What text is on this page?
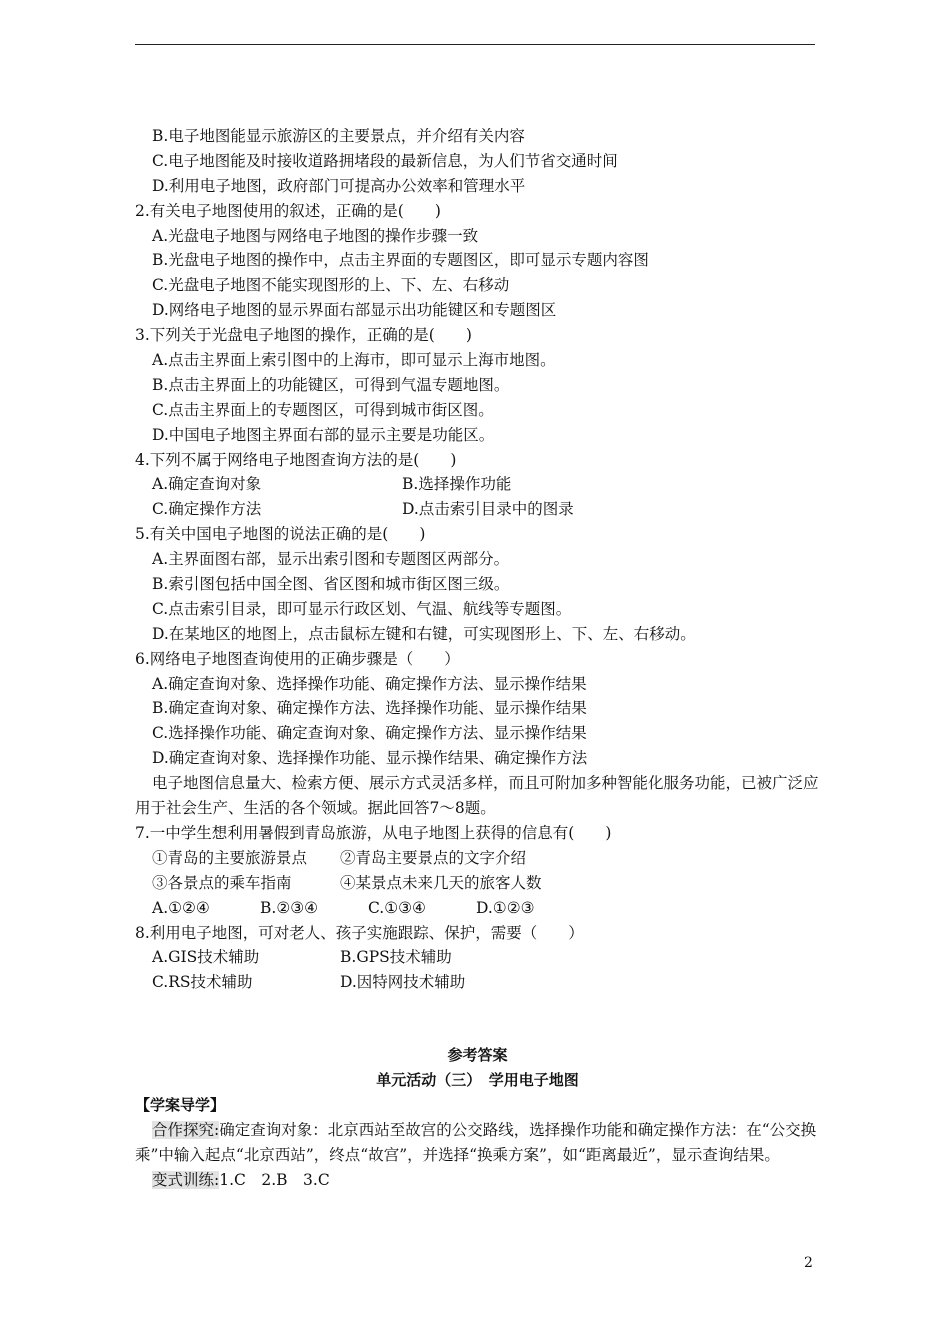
B.电子地图能显示旅游区的主要景点，并介绍有关内容
C.电子地图能及时接收道路拥堵段的最新信息，为人们节省交通时间
D.利用电子地图，政府部门可提高办公效率和管理水平
2.有关电子地图使用的叙述，正确的是(　　)
A.光盘电子地图与网络电子地图的操作步骤一致
B.光盘电子地图的操作中，点击主界面的专题图区，即可显示专题内容图
C.光盘电子地图不能实现图形的上、下、左、右移动
D.网络电子地图的显示界面右部显示出功能键区和专题图区
3.下列关于光盘电子地图的操作，正确的是(　　)
A.点击主界面上索引图中的上海市，即可显示上海市地图。
B.点击主界面上的功能键区，可得到气温专题地图。
C.点击主界面上的专题图区，可得到城市街区图。
D.中国电子地图主界面右部的显示主要是功能区。
4.下列不属于网络电子地图查询方法的是(　　)
A.确定查询对象	B.选择操作功能
C.确定操作方法	D.点击索引目录中的图录
5.有关中国电子地图的说法正确的是(　　)
A.主界面图右部，显示出索引图和专题图区两部分。
B.索引图包括中国全图、省区图和城市街区图三级。
C.点击索引目录，即可显示行政区划、气温、航线等专题图。
D.在某地区的地图上，点击鼠标左键和右键，可实现图形上、下、左、右移动。
6.网络电子地图查询使用的正确步骤是（　　）
A.确定查询对象、选择操作功能、确定操作方法、显示操作结果
B.确定查询对象、确定操作方法、选择操作功能、显示操作结果
C.选择操作功能、确定查询对象、确定操作方法、显示操作结果
D.确定查询对象、选择操作功能、显示操作结果、确定操作方法
电子地图信息量大、检索方便、展示方式灵活多样，而且可附加多种智能化服务功能，已被广泛应用于社会生产、生活的各个领域。据此回答7～8题。
7.一中学生想利用暑假到青岛旅游，从电子地图上获得的信息有(　　)
①青岛的主要旅游景点	②青岛主要景点的文字介绍
③各景点的乘车指南	④某景点未来几天的旅客人数
A.①②④	B.②③④	C.①③④	D.①②③
8.利用电子地图，可对老人、孩子实施跟踪、保护，需要（　　）
A.GIS技术辅助	B.GPS技术辅助
C.RS技术辅助	D.因特网技术辅助
参考答案
单元活动（三）　学用电子地图
【学案导学】
合作探究:确定查询对象：北京西站至故宫的公交路线，选择操作功能和确定操作方法：在“公交换乘”中输入起点“北京西站”，终点“故宫”，并选择“换乘方案”，如“距离最近”，显示查询结果。
变式训练:1.C　2.B　3.C
2
